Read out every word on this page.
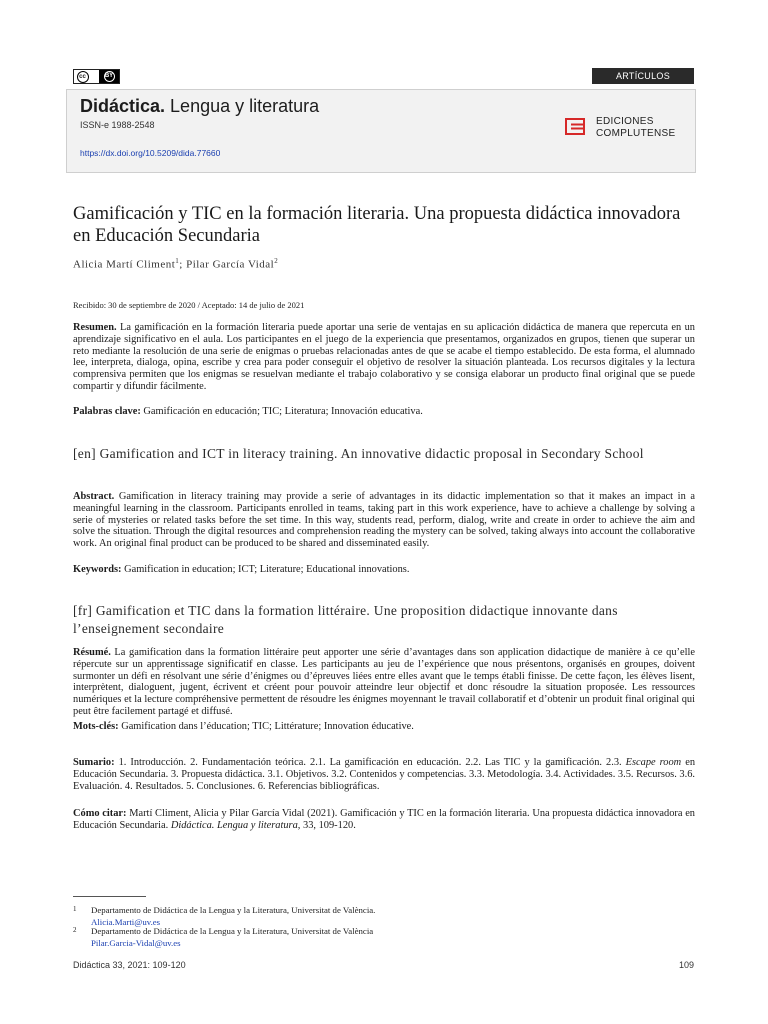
cc	BY	ARTÍCULOS
Didáctica. Lengua y literatura
ISSN-e 1988-2548
https://dx.doi.org/10.5209/dida.77660
EDICIONES
COMPLUTENSE
Gamificación y TIC en la formación literaria. Una propuesta didáctica innovadora en Educación Secundaria
Alicia Martí Climent$^1$; Pilar García Vidal$^2$
Recibido: 30 de septiembre de 2020 / Aceptado: 14 de julio de 2021
Resumen. La gamificación en la formación literaria puede aportar una serie de ventajas en su aplicación didáctica de manera que repercuta en un aprendizaje significativo en el aula. Los participantes en el juego de la experiencia que presentamos, organizados en grupos, tienen que superar un reto mediante la resolución de una serie de enigmas o pruebas relacionadas antes de que se acabe el tiempo establecido. De esta forma, el alumnado lee, interpreta, dialoga, opina, escribe y crea para poder conseguir el objetivo de resolver la situación planteada. Los recursos digitales y la lectura comprensiva permiten que los enigmas se resuelvan mediante el trabajo colaborativo y se consiga elaborar un producto final original que se puede compartir y difundir fácilmente.
Palabras clave: Gamificación en educación; TIC; Literatura; Innovación educativa.
[en] Gamification and ICT in literacy training. An innovative didactic proposal in Secondary School
Abstract. Gamification in literacy training may provide a serie of advantages in its didactic implementation so that it makes an impact in a meaningful learning in the classroom. Participants enrolled in teams, taking part in this work experience, have to achieve a challenge by solving a serie of mysteries or related tasks before the set time. In this way, students read, perform, dialog, write and create in order to achieve the aim and solve the situation. Through the digital resources and comprehension reading the mystery can be solved, taking always into account the collaborative work. An original final product can be produced to be shared and disseminated easily.
Keywords: Gamification in education; ICT; Literature; Educational innovations.
[fr] Gamification et TIC dans la formation littéraire. Une proposition didactique innovante dans l’enseignement secondaire
Résumé. La gamification dans la formation littéraire peut apporter une série d’avantages dans son application didactique de manière à ce qu’elle répercute sur un apprentissage significatif en classe. Les participants au jeu de l’expérience que nous présentons, organisés en groupes, doivent surmonter un défi en résolvant une série d’énigmes ou d’épreuves liées entre elles avant que le temps établi finisse. De cette façon, les élèves lisent, interprètent, dialoguent, jugent, écrivent et créent pour pouvoir atteindre leur objectif et donc résoudre la situation proposée. Les ressources numériques et la lecture compréhensive permettent de résoudre les énigmes moyennant le travail collaboratif et d’obtenir un produit final original qui peut être facilement partagé et diffusé.
Mots-clés: Gamification dans l’éducation; TIC; Littérature; Innovation éducative.
Sumario: 1. Introducción. 2. Fundamentación teórica. 2.1. La gamificación en educación. 2.2. Las TIC y la gamificación. 2.3. Escape room en Educación Secundaria. 3. Propuesta didáctica. 3.1. Objetivos. 3.2. Contenidos y competencias. 3.3. Metodología. 3.4. Actividades. 3.5. Recursos. 3.6. Evaluación. 4. Resultados. 5. Conclusiones. 6. Referencias bibliográficas.
Cómo citar: Martí Climent, Alicia y Pilar García Vidal (2021). Gamificación y TIC en la formación literaria. Una propuesta didáctica innovadora en Educación Secundaria. Didáctica. Lengua y literatura, 33, 109-120.
1 Departamento de Didáctica de la Lengua y la Literatura, Universitat de València.
Alicia.Marti@uv.es
2 Departamento de Didáctica de la Lengua y la Literatura, Universitat de València
Pilar.Garcia-Vidal@uv.es
Didáctica 33, 2021: 109-120	109
